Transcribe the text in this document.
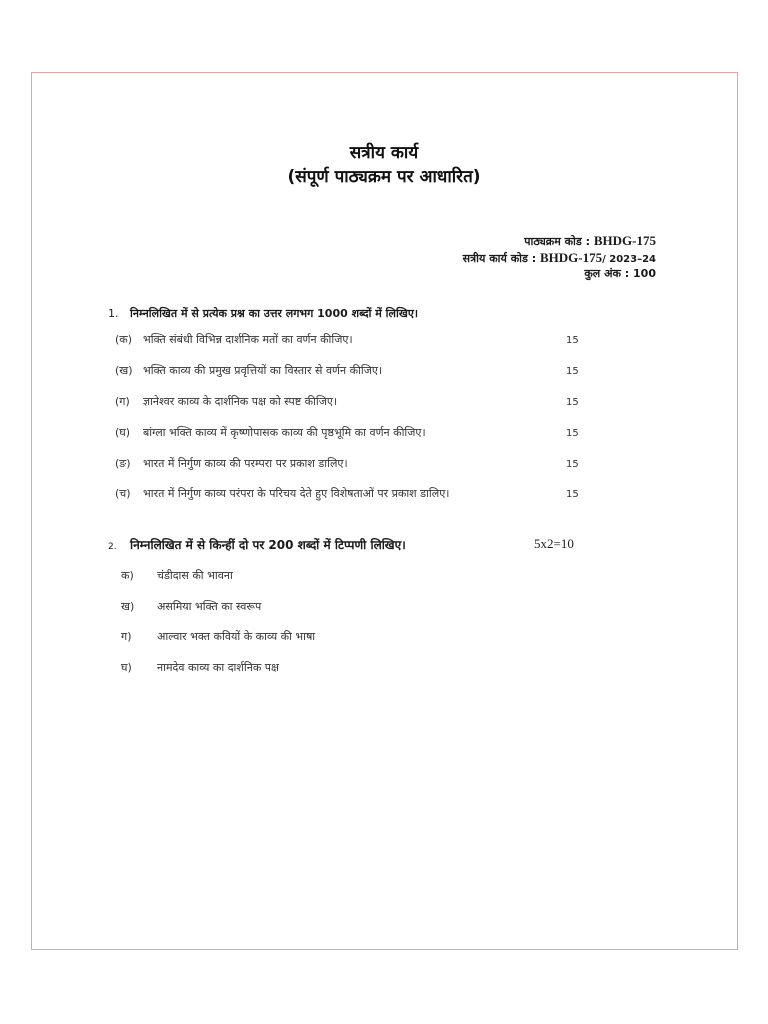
सत्रीय कार्य
(संपूर्ण पाठ्यक्रम पर आधारित)
पाठ्यक्रम कोड : BHDG-175
सत्रीय कार्य कोड : BHDG-175/ 2023–24
कुल अंक : 100
1. निम्नलिखित में से प्रत्येक प्रश्न का उत्तर लगभग 1000 शब्दों में लिखिए।
(क) भक्ति संबंधी विभिन्न दार्शनिक मतों का वर्णन कीजिए।	15
(ख) भक्ति काव्य की प्रमुख प्रवृत्तियों का विस्तार से वर्णन कीजिए।	15
(ग) ज्ञानेश्वर काव्य के दार्शनिक पक्ष को स्पष्ट कीजिए।	15
(घ) बांग्ला भक्ति काव्य में कृष्णोपासक काव्य की पृष्ठभूमि का वर्णन कीजिए।	15
(ङ) भारत में निर्गुण काव्य की परम्परा पर प्रकाश डालिए।	15
(च) भारत में निर्गुण काव्य परंपरा के परिचय देते हुए विशेषताओं पर प्रकाश डालिए।	15
2. निम्नलिखित में से किन्हीं दो पर 200 शब्दों में टिप्पणी लिखिए।	5x2=10
क) चंडीदास की भावना
ख) असमिया भक्ति का स्वरूप
ग) आल्वार भक्त कवियों के काव्य की भाषा
घ) नामदेव काव्य का दार्शनिक पक्ष
